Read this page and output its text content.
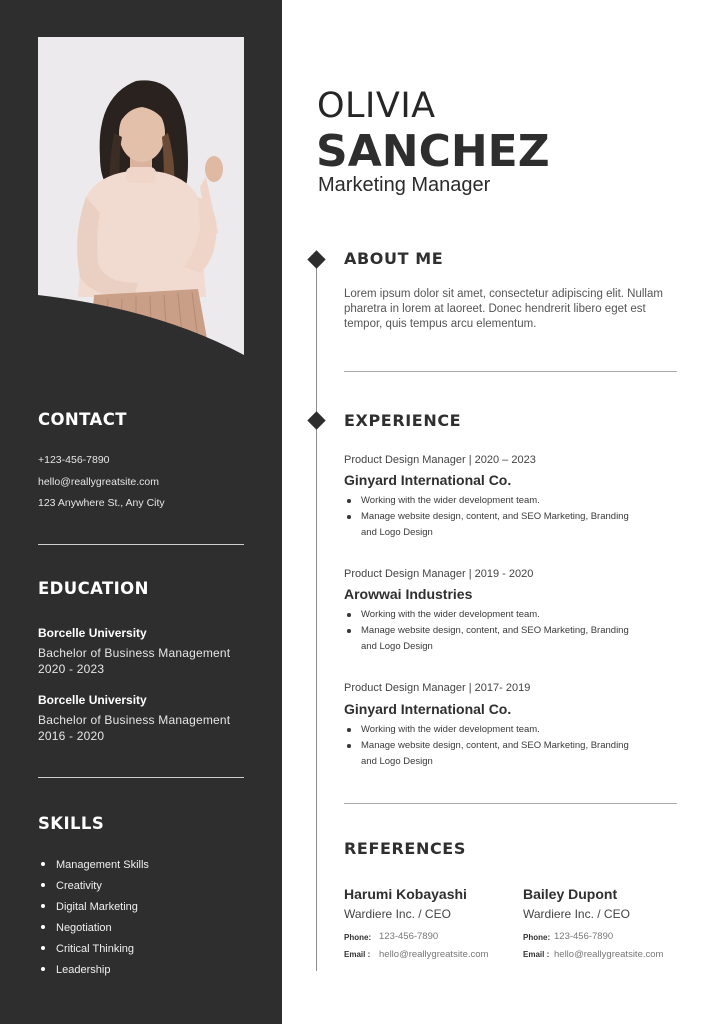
CONTACT
+123-456-7890
hello@reallygreatsite.com
123 Anywhere St., Any City
EDUCATION
Borcelle University
Bachelor of Business Management
2020 - 2023
Borcelle University
Bachelor of Business Management
2016 - 2020
SKILLS
Management Skills
Creativity
Digital Marketing
Negotiation
Critical Thinking
Leadership
OLIVIA
SANCHEZ
Marketing Manager
ABOUT ME
Lorem ipsum dolor sit amet, consectetur adipiscing elit. Nullam pharetra in lorem at laoreet. Donec hendrerit libero eget est tempor, quis tempus arcu elementum.
EXPERIENCE
Product Design Manager | 2020 – 2023
Ginyard International Co.
Working with the wider development team.
Manage website design, content, and SEO Marketing, Branding and Logo Design
Product Design Manager | 2019 - 2020
Arowwai Industries
Working with the wider development team.
Manage website design, content, and SEO Marketing, Branding and Logo Design
Product Design Manager | 2017- 2019
Ginyard International Co.
Working with the wider development team.
Manage website design, content, and SEO Marketing, Branding and Logo Design
REFERENCES
Harumi Kobayashi
Wardiere Inc. / CEO
Phone: 123-456-7890
Email : hello@reallygreatsite.com
Bailey Dupont
Wardiere Inc. / CEO
Phone: 123-456-7890
Email : hello@reallygreatsite.com
